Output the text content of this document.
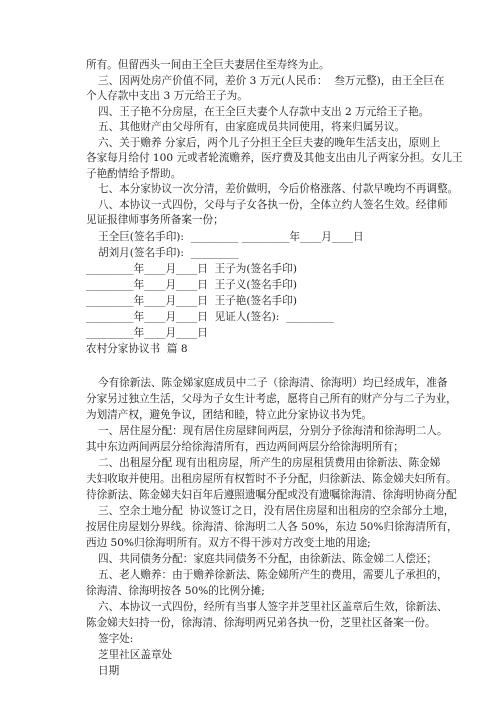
所有。但留西头一间由王全巨夫妻居住至寿终为止。
三、因两处房产价值不同，差价 3 万元(人民币：  叁万元整)，由王全巨在
个人存款中支出 3 万元给王子为。
四、王子艳不分房屋，在王全巨夫妻个人存款中支出 2 万元给王子艳。
五、其他财产由父母所有，由家庭成员共同使用，将来归属另议。
六、关于赡养 分家后，两个儿子分担王全巨夫妻的晚年生活支出，原则上
各家每月给付 100 元或者轮流赡养，医疗费及其他支出由儿子两家分担。女儿王
子艳酌情给予帮助。
七、本分家协议一次分清，差价做明，今后价格涨落、付款早晚均不再调整。
八、本协议一式四份，父母与子女各执一份，全体立约人签名生效。经律师
见证报律师事务所备案一份；
王全巨(签名手印):  _________ _________年____月____日
胡刘月(签名手印):  _________
_________年____月____日  王子为(签名手印)
_________年____月____日  王子义(签名手印)
_________年____月____日  王子艳(签名手印)
_________年____月____日  见证人(签名):  _________
_________年____月____日
农村分家协议书  篇 8
今有徐新法、陈金娣家庭成员中二子（徐海清、徐海明）均已经成年，准备
分家另过独立生活，父母为子女生计考虑，愿将自己所有的财产分与二子为业，
为划清产权，避免争议，团结和睦，特立此分家协议书为凭。
一、居住屋分配：现有居住房屋肆间两层，分别分予徐海清和徐海明二人。
其中东边两间两层分给徐海清所有，西边两间两层分给徐海明所有；
二、出租屋分配 现有出租房屋，所产生的房屋租赁费用由徐新法、陈金娣
夫妇收取并使用。出租房屋所有权暂时不予分配，归徐新法、陈金娣夫妇所有。
待徐新法、陈金娣夫妇百年后遵照遗嘱分配或没有遗嘱徐海清、徐海明协商分配
三、空余土地分配  协议签订之日，没有居住房屋和出租房的空余部分土地，
按居住房屋划分界线。徐海清、徐海明二人各 50%，东边 50%归徐海清所有，
西边 50%归徐海明所有。双方不得干涉对方改变土地的用途;
四、共同债务分配：家庭共同债务不分配，由徐新法、陈金娣二人偿还；
五、老人赡养：由于赡养徐新法、陈金娣所产生的费用，需要儿子承担的，
徐海清、徐海明按各 50%的比例分摊;
六、本协议一式四份，经所有当事人签字并芝里社区盖章后生效，徐新法、
陈金娣夫妇持一份，徐海清、徐海明两兄弟各执一份，芝里社区备案一份。
签字处:
芝里社区盖章处
日期
